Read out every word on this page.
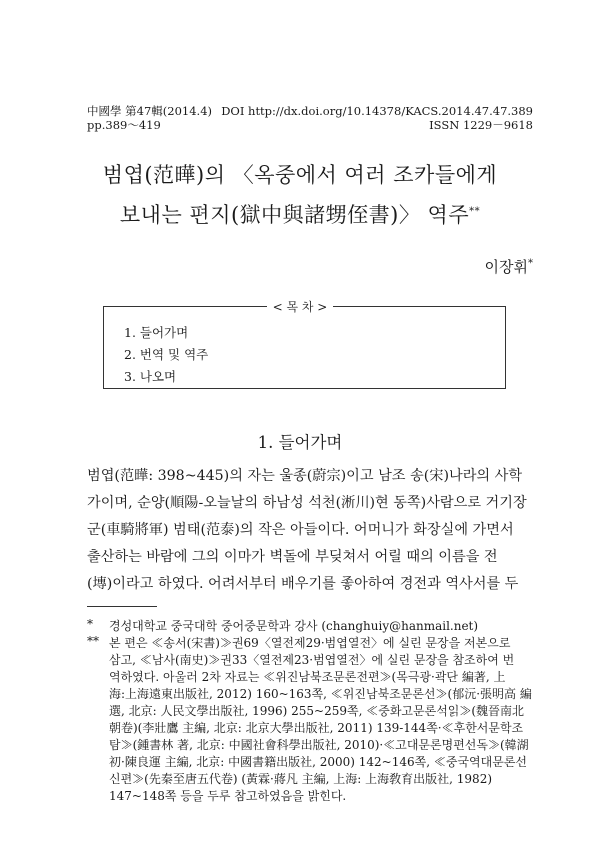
中國學 第47輯(2014.4)
pp.389～419
DOI http://dx.doi.org/10.14378/KACS.2014.47.47.389
ISSN 1229－9618
범엽(范曄)의 〈옥중에서 여러 조카들에게
보내는 편지(獄中與諸甥侄書)〉 역주**
이장휘*
< 목 차 >
1. 들어가며
2. 번역 및 역주
3. 나오며
1. 들어가며
범엽(范曄: 398~445)의 자는 울종(蔚宗)이고 남조 송(宋)나라의 사학
가이며, 순양(順陽-오늘날의 하남성 석천(淅川)현 동쪽)사람으로 거기장
군(車騎將軍) 범태(范泰)의 작은 아들이다. 어머니가 화장실에 가면서
출산하는 바람에 그의 이마가 벽돌에 부딪쳐서 어릴 때의 이름을 전
(塼)이라고 하였다. 어려서부터 배우기를 좋아하여 경전과 역사서를 두
* 경성대학교 중국대학 중어중문학과 강사 (changhuiy@hanmail.net)
** 본 편은 ≪송서(宋書)≫권69〈열전제29·범엽열전〉에 실린 문장을 저본으로
삼고, ≪남사(南史)≫권33〈열전제23·범엽열전〉에 실린 문장을 참조하여 번
역하였다. 아울러 2차 자료는 ≪위진남북조문론전편≫(목극광·곽단 編著, 上
海:上海遠東出版社, 2012) 160~163쪽, ≪위진남북조문론선≫(郁沅·張明高 編
選, 北京: 人民文學出版社, 1996) 255~259쪽, ≪중화고문론석읽≫(魏晉南北
朝卷)(李壯鷹 主編, 北京: 北京大學出版社, 2011) 139-144쪽·≪후한서문학조
탐≫(鍾書林 著, 北京: 中國社會科學出版社, 2010)·≪고대문론명편선독≫(韓湖
初·陳良運 主編, 北京: 中國書籍出版社, 2000) 142~146쪽, ≪중국역대문론선
신편≫(先秦至唐五代卷) (黃霖·蔣凡 主編, 上海: 上海敎育出版社, 1982)
147~148쪽 등을 두루 참고하였음을 밝힌다.
